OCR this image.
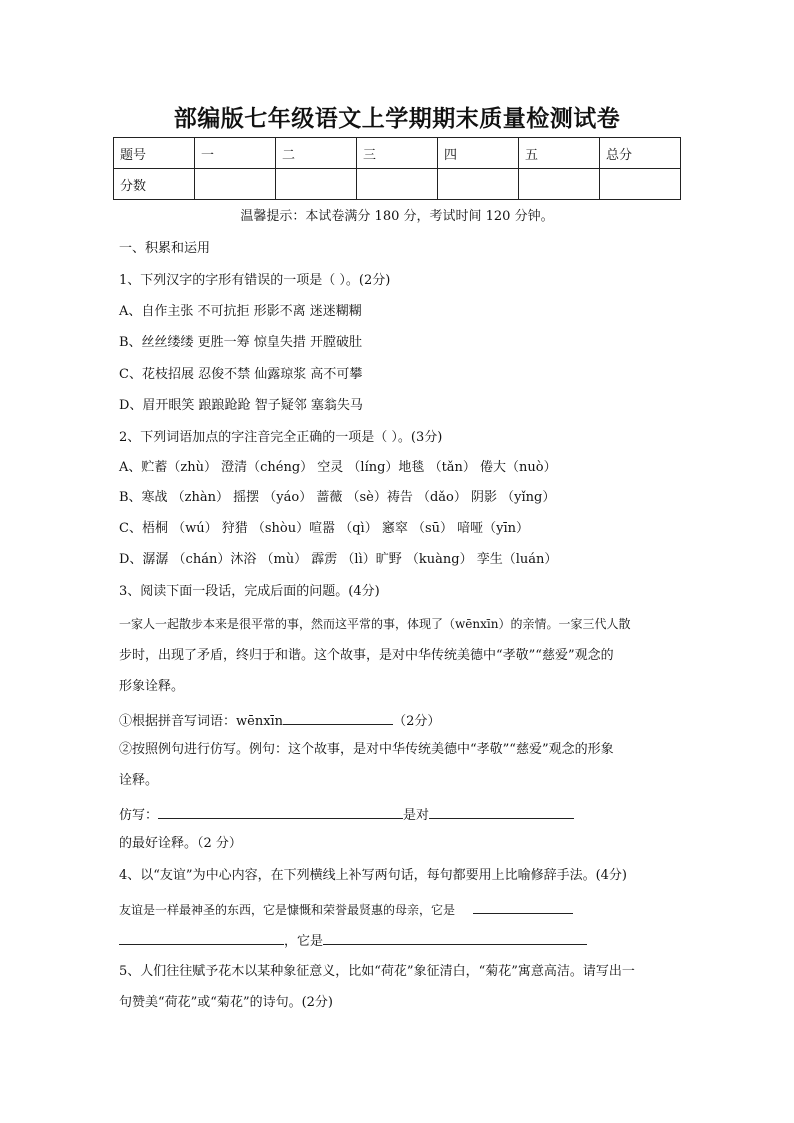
部编版七年级语文上学期期末质量检测试卷
题号	一	二	三	四	五	总分
分数						
温馨提示：本试卷满分 180 分，考试时间 120 分钟。
一、积累和运用
1、下列汉字的字形有错误的一项是（ ）。(2分)
A、自作主张 不可抗拒 形影不离 迷迷糊糊
B、丝丝缕缕 更胜一筹 惊皇失措 开膛破肚
C、花枝招展 忍俊不禁 仙露琼浆 高不可攀
D、眉开眼笑 踉踉跄跄 智子疑邻 塞翁失马
2、下列词语加点的字注音完全正确的一项是（ ）。(3分)
A、贮蓄（zhù） 澄清（chéng） 空灵 （líng）地毯 （tǎn） 倦大（nuò）
B、寒战 （zhàn） 摇摆 （yáo） 蔷薇 （sè）祷告 （dǎo） 阴影 （yǐng）
C、梧桐 （wú） 狩猎 （shòu）喧嚣 （qì） 窸窣 （sū） 喑哑（yīn）
D、潺潺 （chán）沐浴 （mù） 霹雳 （lì）旷野 （kuàng） 孪生（luán）
3、阅读下面一段话，完成后面的问题。(4分)
一家人一起散步本来是很平常的事，然而这平常的事，体现了（wēnxīn）的亲情。一家三代人散
步时，出现了矛盾，终归于和谐。这个故事，是对中华传统美德中“孝敬”“慈爱”观念的
形象诠释。
①根据拼音写词语：wēnxīn	（2分）
②按照例句进行仿写。例句：这个故事，是对中华传统美德中“孝敬”“慈爱”观念的形象
诠释。
仿写：	是对
的最好诠释。（2 分）
4、以“友谊”为中心内容，在下列横线上补写两句话，每句都要用上比喻修辞手法。(4分)
友谊是一样最神圣的东西，它是慷慨和荣誉最贤惠的母亲，它是
，它是
5、人们往往赋予花木以某种象征意义，比如“荷花”象征清白，“菊花”寓意高洁。请写出一
句赞美“荷花”或“菊花”的诗句。(2分)
